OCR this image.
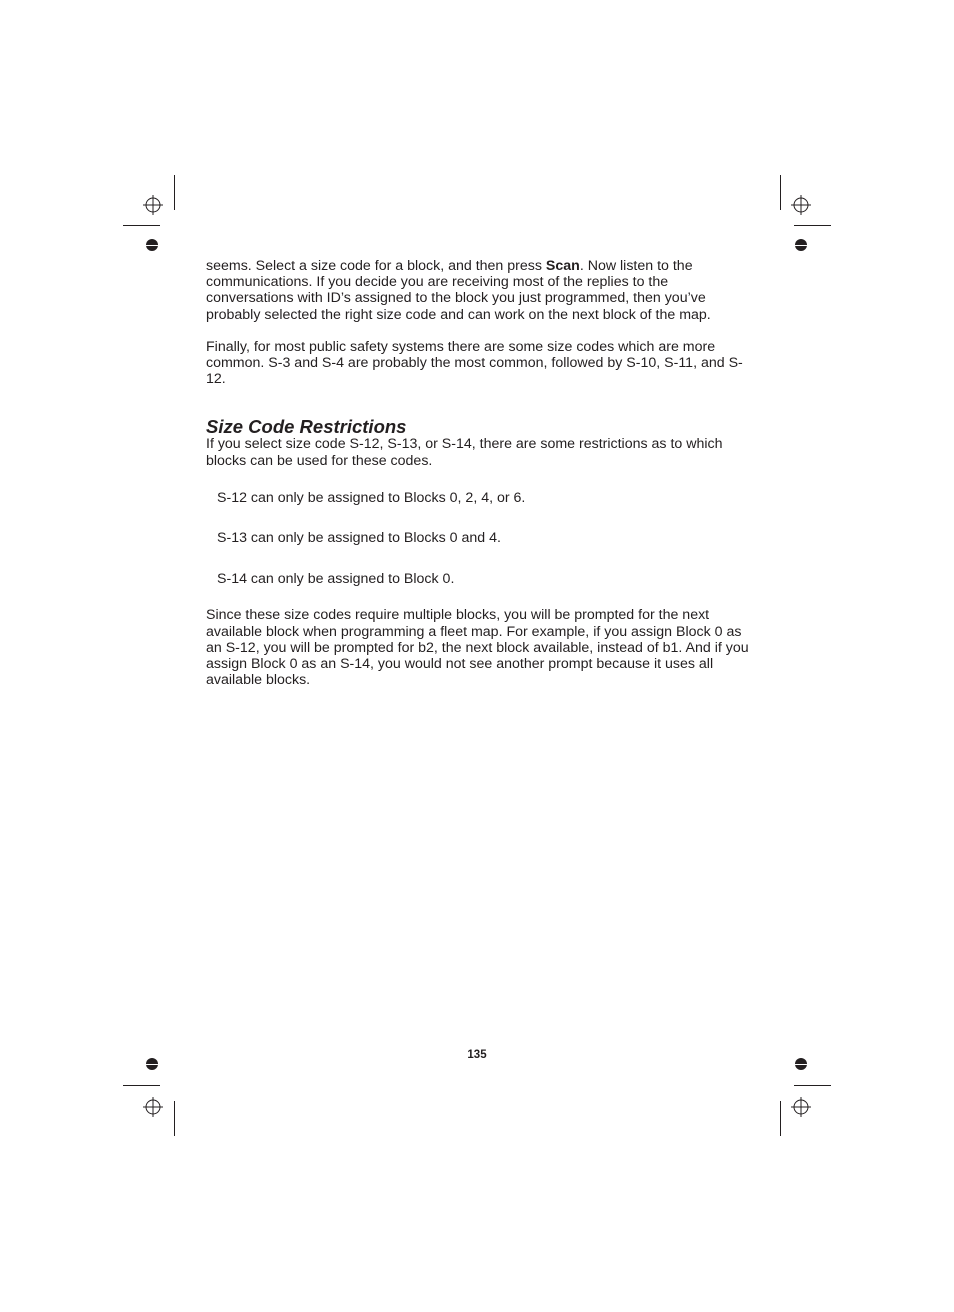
seems. Select a size code for a block, and then press Scan. Now listen to the communications. If you decide you are receiving most of the replies to the conversations with ID’s assigned to the block you just programmed, then you’ve probably selected the right size code and can work on the next block of the map.

Finally, for most public safety systems there are some size codes which are more common. S-3 and S-4 are probably the most common, followed by S-10, S-11, and S-12.

Size Code Restrictions

If you select size code S-12, S-13, or S-14, there are some restrictions as to which blocks can be used for these codes.

S-12 can only be assigned to Blocks 0, 2, 4, or 6.

S-13 can only be assigned to Blocks 0 and 4.

S-14 can only be assigned to Block 0.

Since these size codes require multiple blocks, you will be prompted for the next available block when programming a fleet map. For example, if you assign Block 0 as an S-12, you will be prompted for b2, the next block available, instead of b1. And if you assign Block 0 as an S-14, you would not see another prompt because it uses all available blocks.

135
